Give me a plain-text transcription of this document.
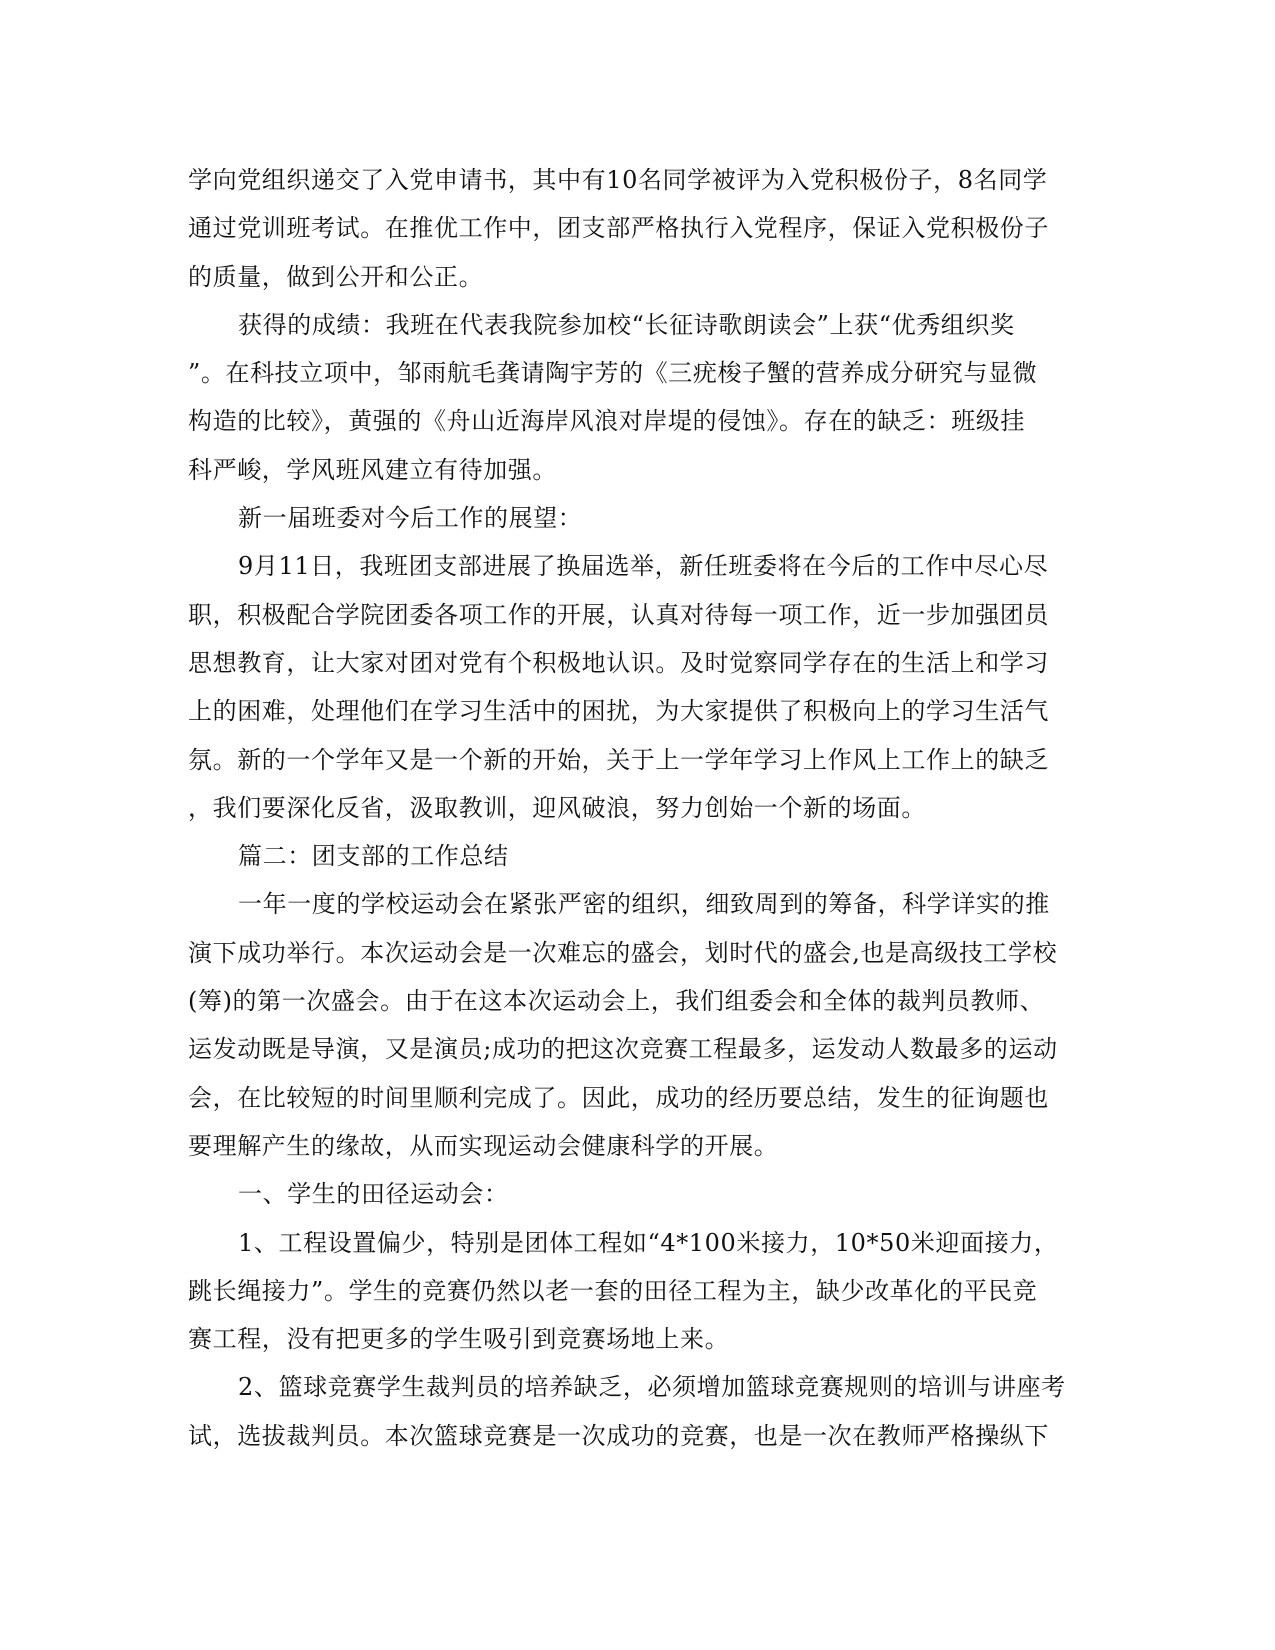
学向党组织递交了入党申请书，其中有10名同学被评为入党积极份子，8名同学
通过党训班考试。在推优工作中，团支部严格执行入党程序，保证入党积极份子
的质量，做到公开和公正。
获得的成绩：我班在代表我院参加校“长征诗歌朗读会”上获“优秀组织奖
”。在科技立项中，邹雨航毛龚请陶宇芳的《三疣梭子蟹的营养成分研究与显微
构造的比较》，黄强的《舟山近海岸风浪对岸堤的侵蚀》。存在的缺乏：班级挂
科严峻，学风班风建立有待加强。
新一届班委对今后工作的展望：
9月11日，我班团支部进展了换届选举，新任班委将在今后的工作中尽心尽
职，积极配合学院团委各项工作的开展，认真对待每一项工作，近一步加强团员
思想教育，让大家对团对党有个积极地认识。及时觉察同学存在的生活上和学习
上的困难，处理他们在学习生活中的困扰，为大家提供了积极向上的学习生活气
氛。新的一个学年又是一个新的开始，关于上一学年学习上作风上工作上的缺乏
，我们要深化反省，汲取教训，迎风破浪，努力创始一个新的场面。
篇二：团支部的工作总结
一年一度的学校运动会在紧张严密的组织，细致周到的筹备，科学详实的推
演下成功举行。本次运动会是一次难忘的盛会，划时代的盛会,也是高级技工学校
(筹)的第一次盛会。由于在这本次运动会上，我们组委会和全体的裁判员教师、
运发动既是导演，又是演员;成功的把这次竞赛工程最多，运发动人数最多的运动
会，在比较短的时间里顺利完成了。因此，成功的经历要总结，发生的征询题也
要理解产生的缘故，从而实现运动会健康科学的开展。
一、学生的田径运动会：
1、工程设置偏少，特别是团体工程如“4*100米接力，10*50米迎面接力，
跳长绳接力”。学生的竞赛仍然以老一套的田径工程为主，缺少改革化的平民竞
赛工程，没有把更多的学生吸引到竞赛场地上来。
2、篮球竞赛学生裁判员的培养缺乏，必须增加篮球竞赛规则的培训与讲座考
试，选拔裁判员。本次篮球竞赛是一次成功的竞赛，也是一次在教师严格操纵下
